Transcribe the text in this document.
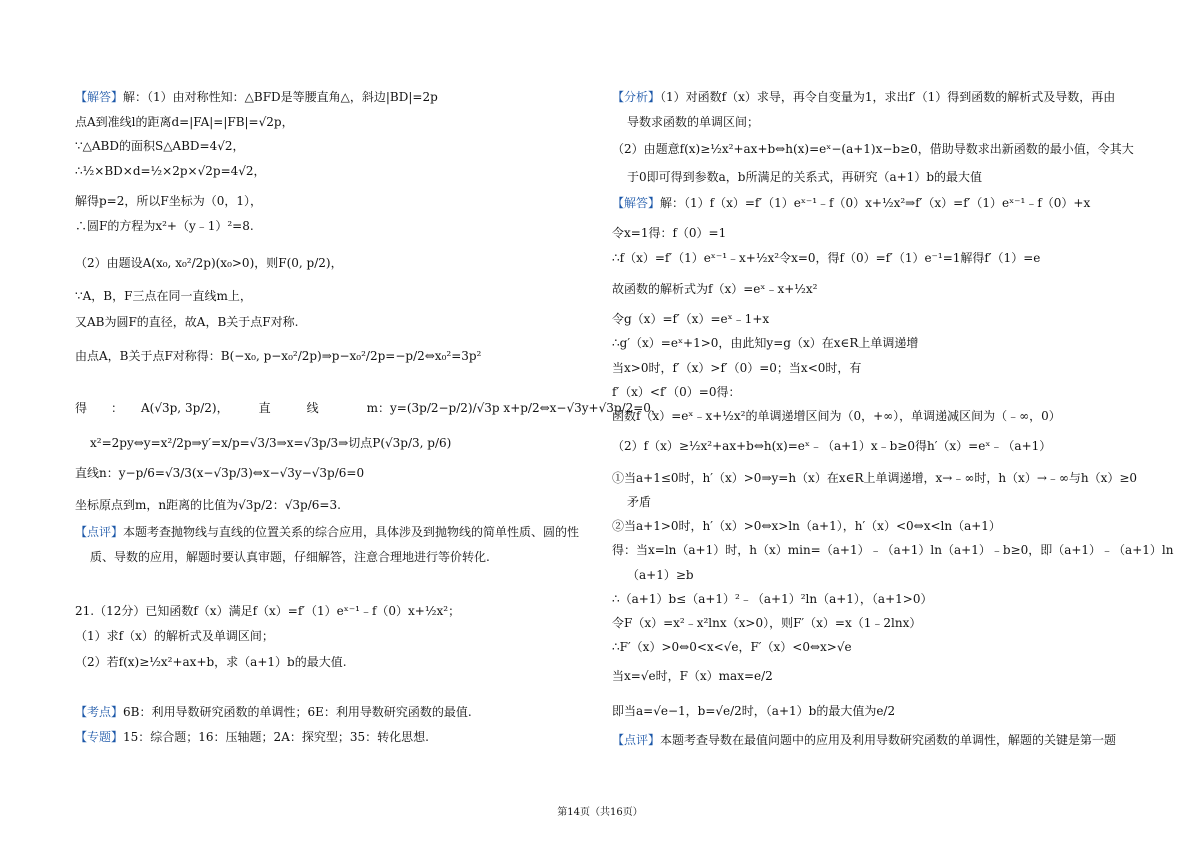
【解答】解：（1）由对称性知：△BFD是等腰直角△，斜边|BD|=2p
点A到准线l的距离d=|FA|=|FB|=√2p，
∵△ABD的面积S△ABD=4√2，
∴½×BD×d=½×2p×√2p=4√2，
解得p=2，所以F坐标为（0，1），
∴圆F的方程为x²+（y﹣1）²=8.
（2）由题设A(x₀, x₀²/2p)(x₀>0)，则F(0, p/2)，
∵A，B，F三点在同一直线m上，
又AB为圆F的直径，故A，B关于点F对称.
由点A，B关于点F对称得：B(−x₀, p−x₀²/2p)⇒p−x₀²/2p=−p/2⇔x₀²=3p²
得　　：　　A(√3p, 3p/2)，　　　直　　　线　　　　m：y=(3p/2−p/2)/√3p x+p/2⇔x−√3y+√3p/2=0，
x²=2py⇔y=x²/2p⇒y′=x/p=√3/3⇒x=√3p/3⇒切点P(√3p/3, p/6)
直线n：y−p/6=√3/3(x−√3p/3)⇔x−√3y−√3p/6=0
坐标原点到m，n距离的比值为√3p/2：√3p/6=3.
【点评】本题考查抛物线与直线的位置关系的综合应用，具体涉及到抛物线的简单性质、圆的性
质、导数的应用，解题时要认真审题，仔细解答，注意合理地进行等价转化.
21.（12分）已知函数f（x）满足f（x）=f′（1）eˣ⁻¹﹣f（0）x+½x²；
（1）求f（x）的解析式及单调区间；
（2）若f(x)≥½x²+ax+b，求（a+1）b的最大值.
【考点】6B：利用导数研究函数的单调性；6E：利用导数研究函数的最值.
【专题】15：综合题；16：压轴题；2A：探究型；35：转化思想.
【分析】（1）对函数f（x）求导，再令自变量为1，求出f′（1）得到函数的解析式及导数，再由
导数求函数的单调区间；
（2）由题意f(x)≥½x²+ax+b⇔h(x)=eˣ−(a+1)x−b≥0，借助导数求出新函数的最小值，令其大
于0即可得到参数a，b所满足的关系式，再研究（a+1）b的最大值
【解答】解：（1）f（x）=f′（1）eˣ⁻¹﹣f（0）x+½x²⇒f′（x）=f′（1）eˣ⁻¹﹣f（0）+x
令x=1得：f（0）=1
∴f（x）=f′（1）eˣ⁻¹﹣x+½x²令x=0，得f（0）=f′（1）e⁻¹=1解得f′（1）=e
故函数的解析式为f（x）=eˣ﹣x+½x²
令g（x）=f′（x）=eˣ﹣1+x
∴g′（x）=eˣ+1>0，由此知y=g（x）在x∈R上单调递增
当x>0时，f′（x）>f′（0）=0；当x<0时，有
f′（x）<f′（0）=0得：
函数f（x）=eˣ﹣x+½x²的单调递增区间为（0，+∞），单调递减区间为（﹣∞，0）
（2）f（x）≥½x²+ax+b⇔h(x)=eˣ﹣（a+1）x﹣b≥0得h′（x）=eˣ﹣（a+1）
①当a+1≤0时，h′（x）>0⇒y=h（x）在x∈R上单调递增，x→﹣∞时，h（x）→﹣∞与h（x）≥0
矛盾
②当a+1>0时，h′（x）>0⇔x>ln（a+1），h′（x）<0⇔x<ln（a+1）
得：当x=ln（a+1）时，h（x）min=（a+1）﹣（a+1）ln（a+1）﹣b≥0，即（a+1）﹣（a+1）ln
（a+1）≥b
∴（a+1）b≤（a+1）²﹣（a+1）²ln（a+1），（a+1>0）
令F（x）=x²﹣x²lnx（x>0），则F′（x）=x（1﹣2lnx）
∴F′（x）>0⇔0<x<√e，F′（x）<0⇔x>√e
当x=√e时，F（x）max=e/2
即当a=√e−1，b=√e/2时，（a+1）b的最大值为e/2
【点评】本题考查导数在最值问题中的应用及利用导数研究函数的单调性，解题的关键是第一题
第14页（共16页）
